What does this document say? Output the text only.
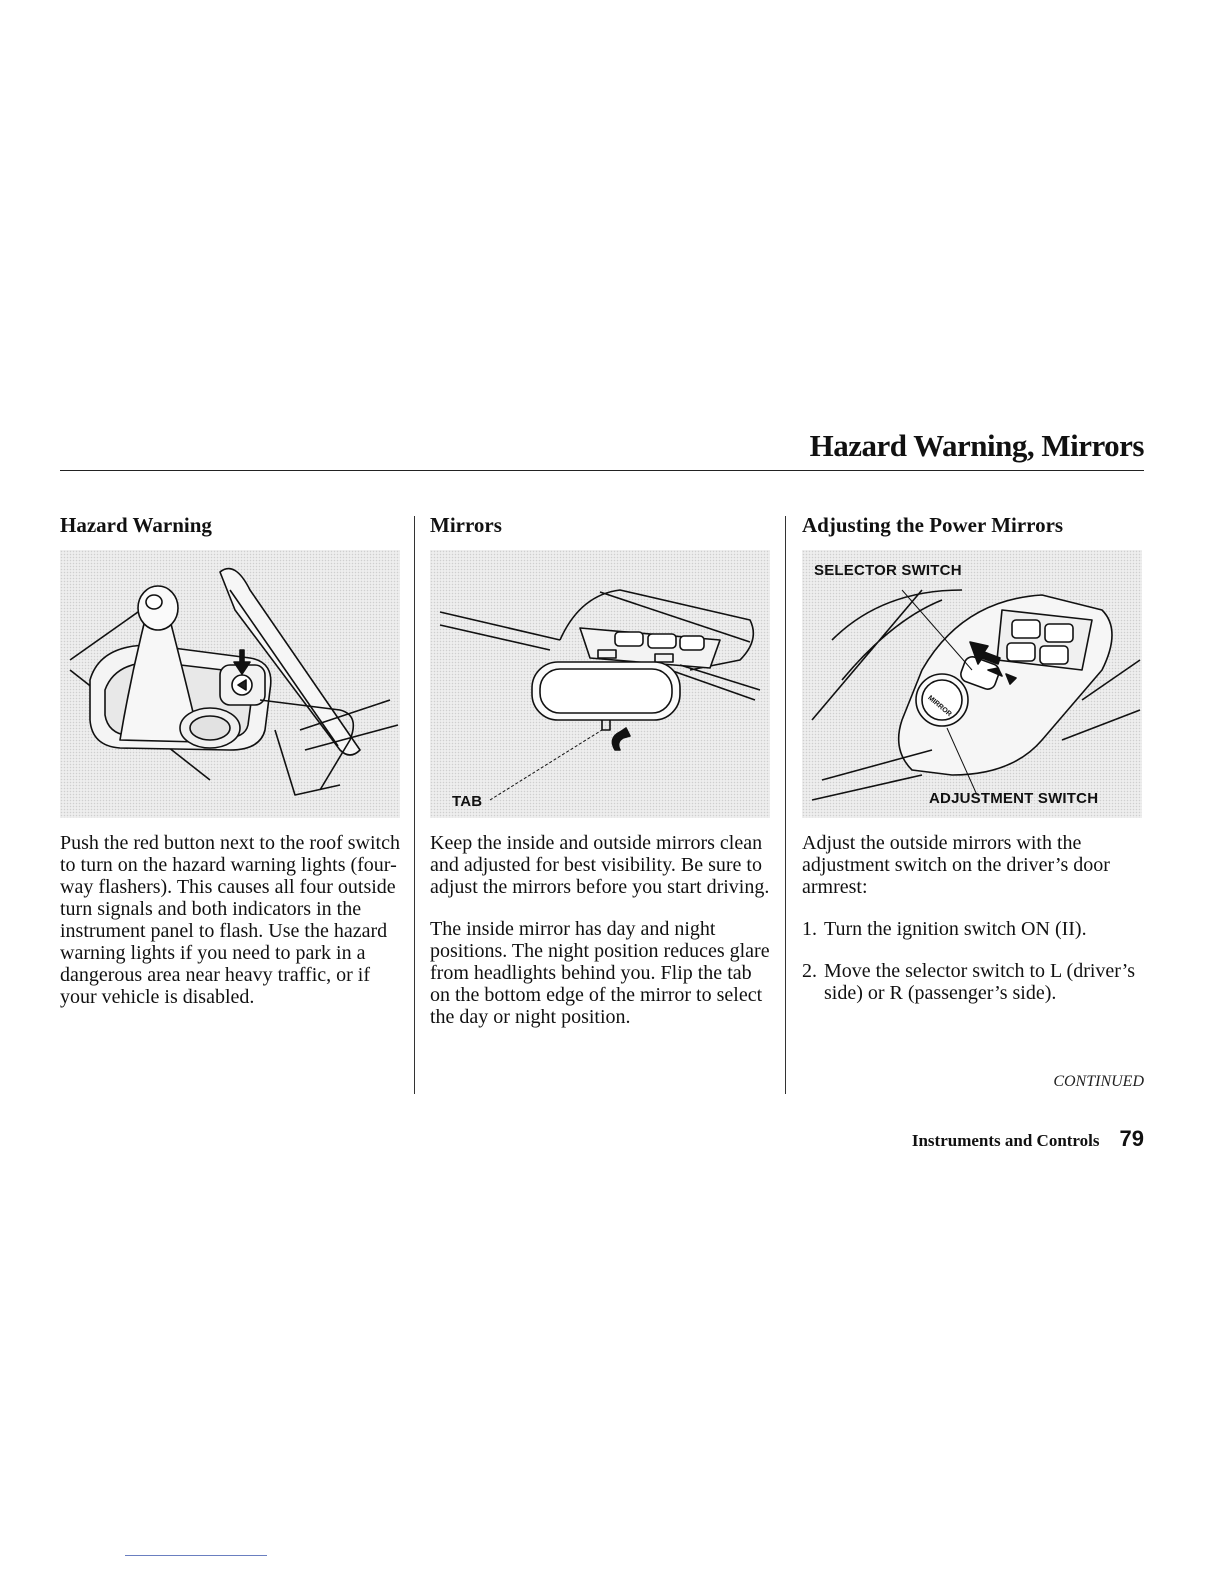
Hazard Warning, Mirrors
Hazard Warning

Push the red button next to the roof switch to turn on the hazard warning lights (four-way flashers). This causes all four outside turn signals and both indicators in the instrument panel to flash. Use the hazard warning lights if you need to park in a dangerous area near heavy traffic, or if your vehicle is disabled.

Mirrors
TAB

Keep the inside and outside mirrors clean and adjusted for best visibility. Be sure to adjust the mirrors before you start driving.

The inside mirror has day and night positions. The night position reduces glare from headlights behind you. Flip the tab on the bottom edge of the mirror to select the day or night position.

Adjusting the Power Mirrors
MIRROR
SELECTOR SWITCH
ADJUSTMENT SWITCH

Adjust the outside mirrors with the adjustment switch on the driver’s door armrest:

1. Turn the ignition switch ON (II).
2. Move the selector switch to L (driver’s side) or R (passenger’s side).
CONTINUED
Instruments and Controls 79
